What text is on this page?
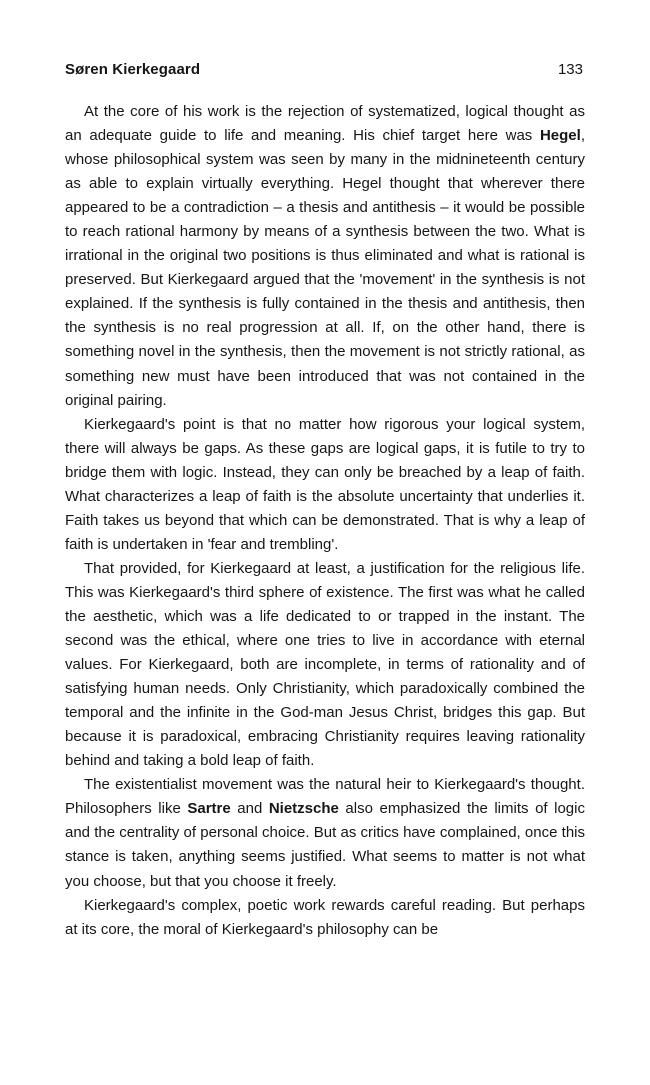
Søren Kierkegaard	133

At the core of his work is the rejection of systematized, logical thought as an adequate guide to life and meaning. His chief target here was Hegel, whose philosophical system was seen by many in the midnineteenth century as able to explain virtually everything. Hegel thought that wherever there appeared to be a contradiction – a thesis and antithesis – it would be possible to reach rational harmony by means of a synthesis between the two. What is irrational in the original two positions is thus eliminated and what is rational is preserved. But Kierkegaard argued that the 'movement' in the synthesis is not explained. If the synthesis is fully contained in the thesis and antithesis, then the synthesis is no real progression at all. If, on the other hand, there is something novel in the synthesis, then the movement is not strictly rational, as something new must have been introduced that was not contained in the original pairing.

Kierkegaard's point is that no matter how rigorous your logical system, there will always be gaps. As these gaps are logical gaps, it is futile to try to bridge them with logic. Instead, they can only be breached by a leap of faith. What characterizes a leap of faith is the absolute uncertainty that underlies it. Faith takes us beyond that which can be demonstrated. That is why a leap of faith is undertaken in 'fear and trembling'.

That provided, for Kierkegaard at least, a justification for the religious life. This was Kierkegaard's third sphere of existence. The first was what he called the aesthetic, which was a life dedicated to or trapped in the instant. The second was the ethical, where one tries to live in accordance with eternal values. For Kierkegaard, both are incomplete, in terms of rationality and of satisfying human needs. Only Christianity, which paradoxically combined the temporal and the infinite in the God-man Jesus Christ, bridges this gap. But because it is paradoxical, embracing Christianity requires leaving rationality behind and taking a bold leap of faith.

The existentialist movement was the natural heir to Kierkegaard's thought. Philosophers like Sartre and Nietzsche also emphasized the limits of logic and the centrality of personal choice. But as critics have complained, once this stance is taken, anything seems justified. What seems to matter is not what you choose, but that you choose it freely.

Kierkegaard's complex, poetic work rewards careful reading. But perhaps at its core, the moral of Kierkegaard's philosophy can be
